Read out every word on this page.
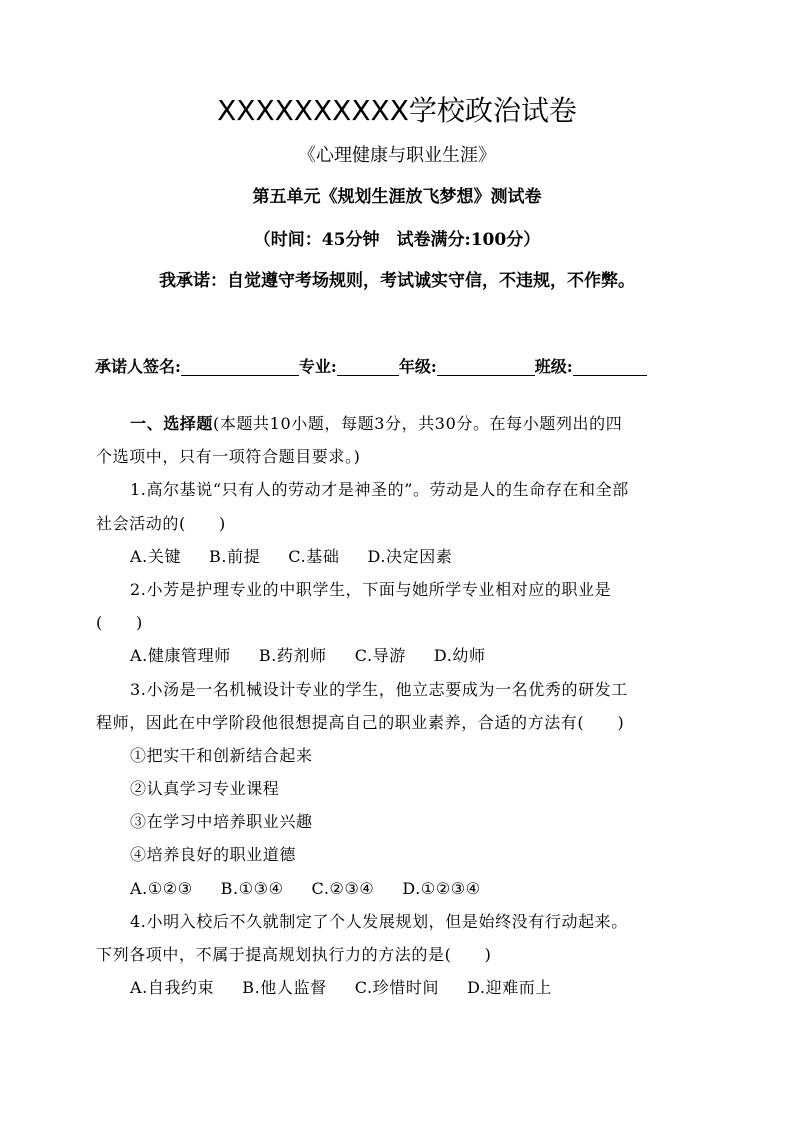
XXXXXXXXXX学校政治试卷
《心理健康与职业生涯》
第五单元《规划生涯放飞梦想》测试卷
（时间：45分钟　试卷满分:100分）
我承诺：自觉遵守考场规则，考试诚实守信，不违规，不作弊。
承诺人签名:	专业:	年级:	班级:
一、选择题(本题共10小题，每题3分，共30分。在每小题列出的四
个选项中，只有一项符合题目要求。)
1.高尔基说“只有人的劳动才是神圣的”。劳动是人的生命存在和全部
社会活动的(　　)
A.关键 B.前提 C.基础 D.决定因素
2.小芳是护理专业的中职学生，下面与她所学专业相对应的职业是
(　　)
A.健康管理师 B.药剂师 C.导游 D.幼师
3.小汤是一名机械设计专业的学生，他立志要成为一名优秀的研发工
程师，因此在中学阶段他很想提高自己的职业素养，合适的方法有(　　)
①把实干和创新结合起来
②认真学习专业课程
③在学习中培养职业兴趣
④培养良好的职业道德
A.①②③ B.①③④ C.②③④ D.①②③④
4.小明入校后不久就制定了个人发展规划，但是始终没有行动起来。
下列各项中，不属于提高规划执行力的方法的是(　　)
A.自我约束 B.他人监督 C.珍惜时间 D.迎难而上
